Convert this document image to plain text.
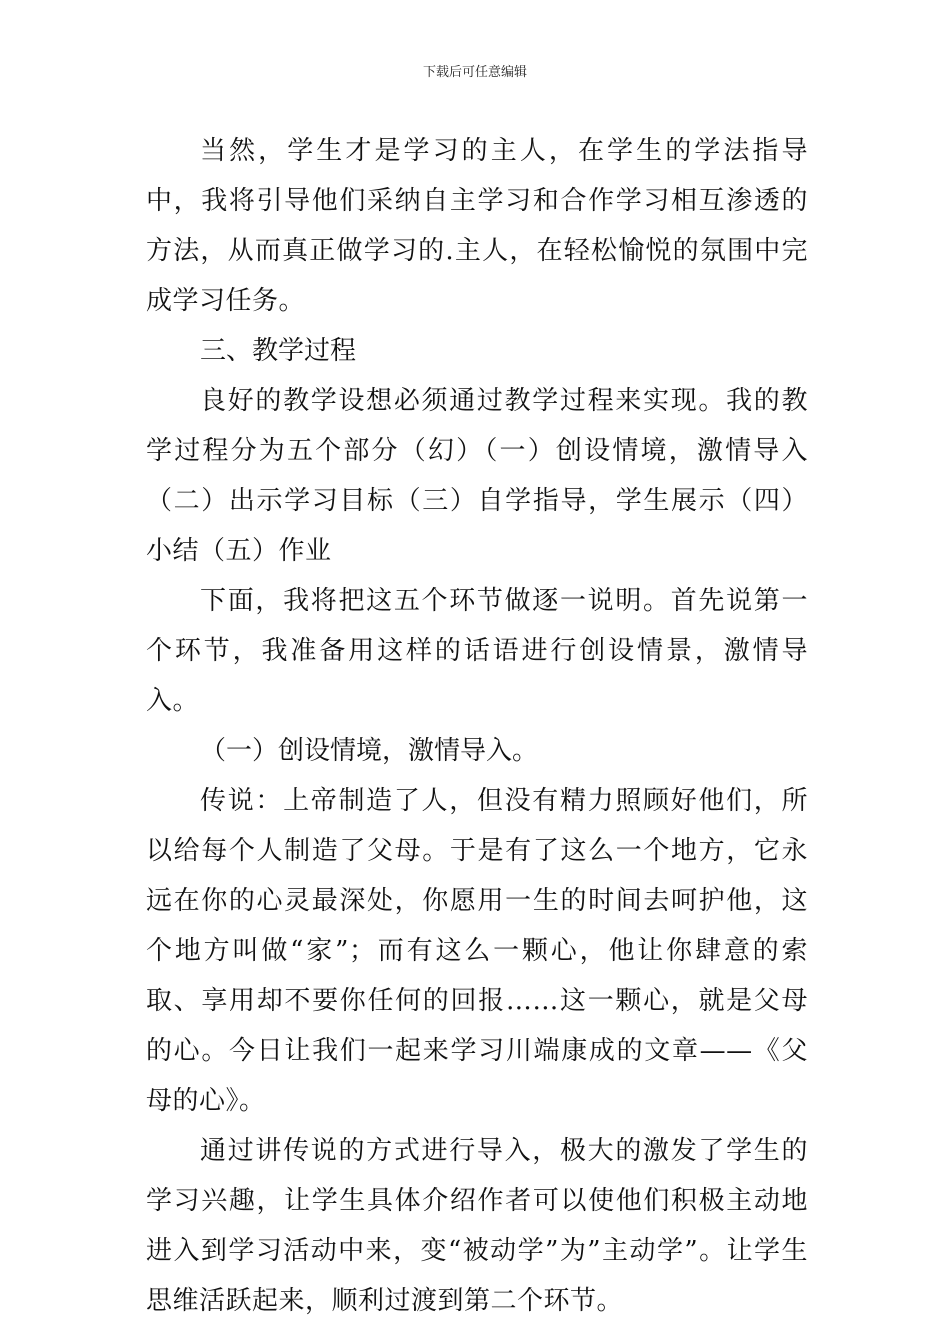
下载后可任意编辑

当然，学生才是学习的主人，在学生的学法指导中，我将引导他们采纳自主学习和合作学习相互渗透的方法，从而真正做学习的.主人，在轻松愉悦的氛围中完成学习任务。

三、教学过程

良好的教学设想必须通过教学过程来实现。我的教学过程分为五个部分（幻）（一）创设情境，激情导入（二）出示学习目标（三）自学指导，学生展示（四）小结（五）作业

下面，我将把这五个环节做逐一说明。首先说第一个环节，我准备用这样的话语进行创设情景，激情导入。

（一）创设情境，激情导入。

传说：上帝制造了人，但没有精力照顾好他们，所以给每个人制造了父母。于是有了这么一个地方，它永远在你的心灵最深处，你愿用一生的时间去呵护他，这个地方叫做“家”；而有这么一颗心，他让你肆意的索取、享用却不要你任何的回报……这一颗心，就是父母的心。今日让我们一起来学习川端康成的文章——《父母的心》。

通过讲传说的方式进行导入，极大的激发了学生的学习兴趣，让学生具体介绍作者可以使他们积极主动地进入到学习活动中来，变“被动学”为”主动学”。让学生思维活跃起来，顺利过渡到第二个环节。
